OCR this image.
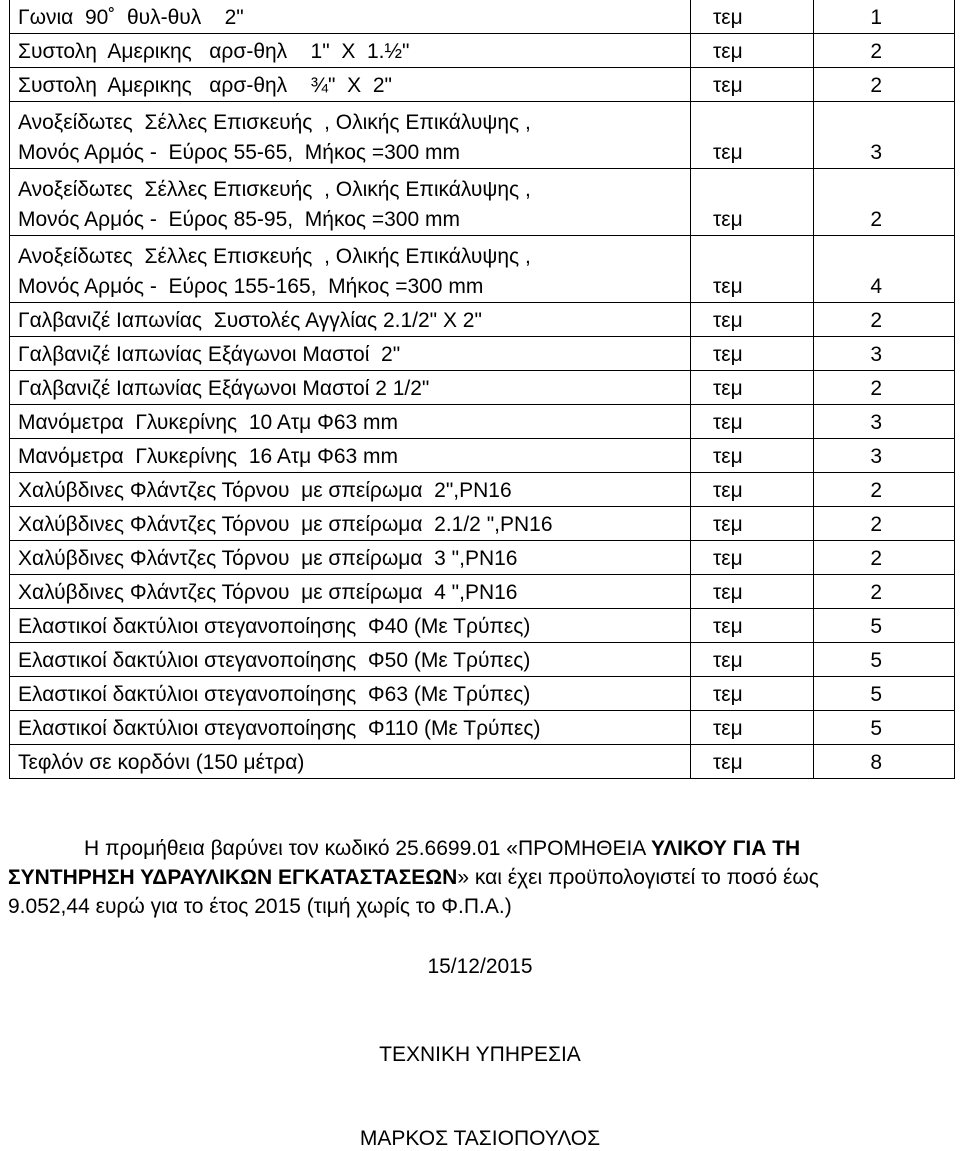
Γωνια  90˚  θυλ-θυλ    2"	τεμ	1
Συστολη  Αμερικης   αρσ-θηλ    1"  Χ  1.½"	τεμ	2
Συστολη  Αμερικης   αρσ-θηλ    ¾"  Χ  2"	τεμ	2
Ανοξείδωτες  Σέλλες Επισκευής  , Ολικής Επικάλυψης ,
Μονός Αρμός -  Εύρος 55-65,  Μήκος =300 mm	τεμ	3
Ανοξείδωτες  Σέλλες Επισκευής  , Ολικής Επικάλυψης ,
Μονός Αρμός -  Εύρος 85-95,  Μήκος =300 mm	τεμ	2
Ανοξείδωτες  Σέλλες Επισκευής  , Ολικής Επικάλυψης ,
Μονός Αρμός -  Εύρος 155-165,  Μήκος =300 mm	τεμ	4
Γαλβανιζέ Ιαπωνίας  Συστολές Αγγλίας 2.1/2" Χ 2"	τεμ	2
Γαλβανιζέ Ιαπωνίας Εξάγωνοι Μαστοί  2"	τεμ	3
Γαλβανιζέ Ιαπωνίας Εξάγωνοι Μαστοί 2 1/2"	τεμ	2
Μανόμετρα  Γλυκερίνης  10 Ατμ Φ63 mm	τεμ	3
Μανόμετρα  Γλυκερίνης  16 Ατμ Φ63 mm	τεμ	3
Χαλύβδινες Φλάντζες Τόρνου  με σπείρωμα  2",PN16	τεμ	2
Χαλύβδινες Φλάντζες Τόρνου  με σπείρωμα  2.1/2 ",PN16	τεμ	2
Χαλύβδινες Φλάντζες Τόρνου  με σπείρωμα  3 ",PN16	τεμ	2
Χαλύβδινες Φλάντζες Τόρνου  με σπείρωμα  4 ",PN16	τεμ	2
Ελαστικοί δακτύλιοι στεγανοποίησης  Φ40 (Με Τρύπες)	τεμ	5
Ελαστικοί δακτύλιοι στεγανοποίησης  Φ50 (Με Τρύπες)	τεμ	5
Ελαστικοί δακτύλιοι στεγανοποίησης  Φ63 (Με Τρύπες)	τεμ	5
Ελαστικοί δακτύλιοι στεγανοποίησης  Φ110 (Με Τρύπες)	τεμ	5
Τεφλόν σε κορδόνι (150 μέτρα)	τεμ	8
Η προμήθεια βαρύνει τον κωδικό 25.6699.01 «ΠΡΟΜΗΘΕΙΑ ΥΛΙΚΟΥ ΓΙΑ ΤΗ
ΣΥΝΤΗΡΗΣΗ ΥΔΡΑΥΛΙΚΩΝ ΕΓΚΑΤΑΣΤΑΣΕΩΝ» και έχει προϋπολογιστεί το ποσό έως
9.052,44 ευρώ για το έτος 2015 (τιμή χωρίς το Φ.Π.Α.)
15/12/2015
ΤΕΧΝΙΚΗ ΥΠΗΡΕΣΙΑ
ΜΑΡΚΟΣ ΤΑΣΙΟΠΟΥΛΟΣ
